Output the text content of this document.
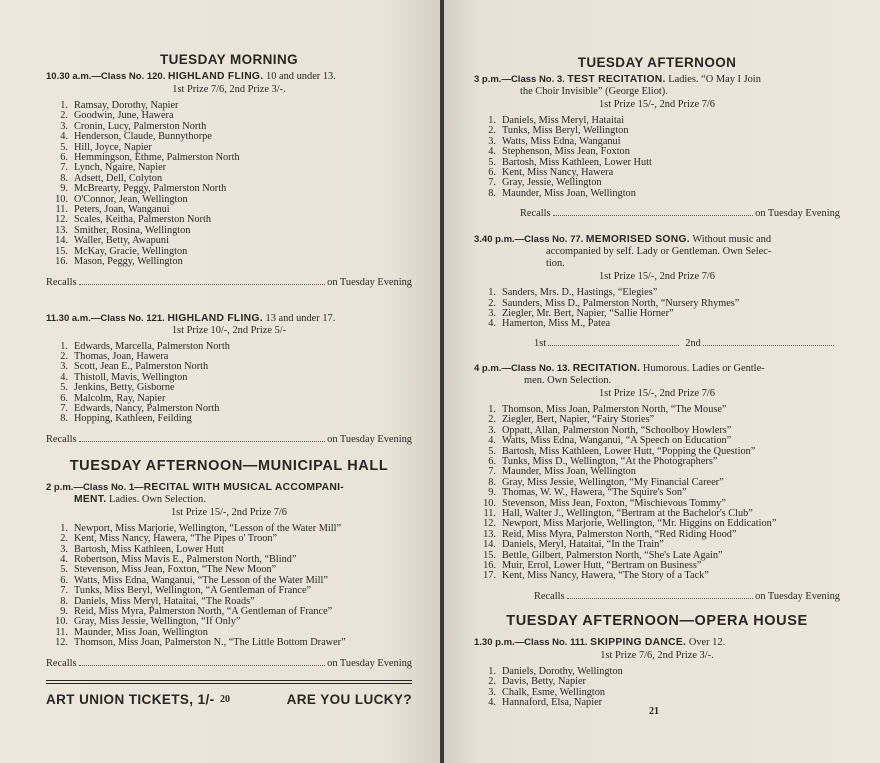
TUESDAY MORNING

10.30 a.m.—Class No. 120. HIGHLAND FLING. 10 and under 13.

1st Prize 7/6, 2nd Prize 3/-.
1. Ramsay, Dorothy, Napier
2. Goodwin, June, Hawera
3. Cronin, Lucy, Palmerston North
4. Henderson, Claude, Bunnythorpe
5. Hill, Joyce, Napier
6. Hemmingson, Ethme, Palmerston North
7. Lynch, Ngaire, Napier
8. Adsett, Dell, Colyton
9. McBrearty, Peggy, Palmerston North
10. O'Connor, Jean, Wellington
11. Peters, Joan, Wanganui
12. Scales, Keitha, Palmerston North
13. Smither, Rosina, Wellington
14. Waller, Betty, Awapuni
15. McKay, Gracie, Wellington
16. Mason, Peggy, Wellington
Recalls	on Tuesday Evening

11.30 a.m.—Class No. 121. HIGHLAND FLING. 13 and under 17.

1st Prize 10/-, 2nd Prize 5/-
1. Edwards, Marcella, Palmerston North
2. Thomas, Joan, Hawera
3. Scott, Jean E., Palmerston North
4. Thistoll, Mavis, Wellington
5. Jenkins, Betty, Gisborne
6. Malcolm, Ray, Napier
7. Edwards, Nancy, Palmerston North
8. Hopping, Kathleen, Feilding
Recalls	on Tuesday Evening
TUESDAY AFTERNOON—MUNICIPAL HALL

2 p.m.—Class No. 1—RECITAL WITH MUSICAL ACCOMPANI-

MENT. Ladies. Own Selection.

1st Prize 15/-, 2nd Prize 7/6
1. Newport, Miss Marjorie, Wellington, “Lesson of the Water Mill”
2. Kent, Miss Nancy, Hawera, “The Pipes o' Troon”
3. Bartosh, Miss Kathleen, Lower Hutt
4. Robertson, Miss Mavis E., Palmerston North, “Blind”
5. Stevenson, Miss Jean, Foxton, “The New Moon”
6. Watts, Miss Edna, Wanganui, “The Lesson of the Water Mill”
7. Tunks, Miss Beryl, Wellington, “A Gentleman of France”
8. Daniels, Miss Meryl, Hataitai, “The Roads”
9. Reid, Miss Myra, Palmerston North, “A Gentleman of France”
10. Gray, Miss Jessie, Wellington, “If Only”
11. Maunder, Miss Joan, Wellington
12. Thomson, Miss Joan, Palmerston N., “The Little Bottom Drawer”
Recalls	on Tuesday Evening
ART UNION TICKETS, 1/-	ARE YOU LUCKY?
20
TUESDAY AFTERNOON

3 p.m.—Class No. 3. TEST RECITATION. Ladies. “O May I Join

the Choir Invisible” (George Eliot).

1st Prize 15/-, 2nd Prize 7/6
1. Daniels, Miss Meryl, Hataitai
2. Tunks, Miss Beryl, Wellington
3. Watts, Miss Edna, Wanganui
4. Stephenson, Miss Jean, Foxton
5. Bartosh, Miss Kathleen, Lower Hutt
6. Kent, Miss Nancy, Hawera
7. Gray, Jessie, Wellington
8. Maunder, Miss Joan, Wellington
Recalls	on Tuesday Evening

3.40 p.m.—Class No. 77. MEMORISED SONG. Without music and

accompanied by self. Lady or Gentleman. Own Selec-

tion.

1st Prize 15/-, 2nd Prize 7/6
1. Sanders, Mrs. D., Hastings, “Elegies”
2. Saunders, Miss D., Palmerston North, “Nursery Rhymes”
3. Ziegler, Mr. Bert, Napier, “Sallie Horner”
4. Hamerton, Miss M., Patea
1st	2nd

4 p.m.—Class No. 13. RECITATION. Humorous. Ladies or Gentle-

men. Own Selection.

1st Prize 15/-, 2nd Prize 7/6
1. Thomson, Miss Joan, Palmerston North, “The Mouse”
2. Ziegler, Bert, Napier, “Fairy Stories”
3. Oppatt, Allan, Palmerston North, “Schoolboy Howlers”
4. Watts, Miss Edna, Wanganui, “A Speech on Education”
5. Bartosh, Miss Kathleen, Lower Hutt, “Popping the Question”
6. Tunks, Miss D., Wellington, “At the Photographers”
7. Maunder, Miss Joan, Wellington
8. Gray, Miss Jessie, Wellington, “My Financial Career”
9. Thomas, W. W., Hawera, “The Squire's Son”
10. Stevenson, Miss Jean, Foxton, “Mischievous Tommy”
11. Hall, Walter J., Wellington, “Bertram at the Bachelor's Club”
12. Newport, Miss Marjorie, Wellington, “Mr. Higgins on Eddication”
13. Reid, Miss Myra, Palmerston North, “Red Riding Hood”
14. Daniels, Meryl, Hataitai, “In the Train”
15. Bettle, Gilbert, Palmerston North, “She's Late Again”
16. Muir, Errol, Lower Hutt, “Bertram on Business”
17. Kent, Miss Nancy, Hawera, “The Story of a Tack”
Recalls	on Tuesday Evening
TUESDAY AFTERNOON—OPERA HOUSE

1.30 p.m.—Class No. 111. SKIPPING DANCE. Over 12.

1st Prize 7/6, 2nd Prize 3/-.
1. Daniels, Dorothy, Wellington
2. Davis, Betty, Napier
3. Chalk, Esme, Wellington
4. Hannaford, Elsa, Napier
21
